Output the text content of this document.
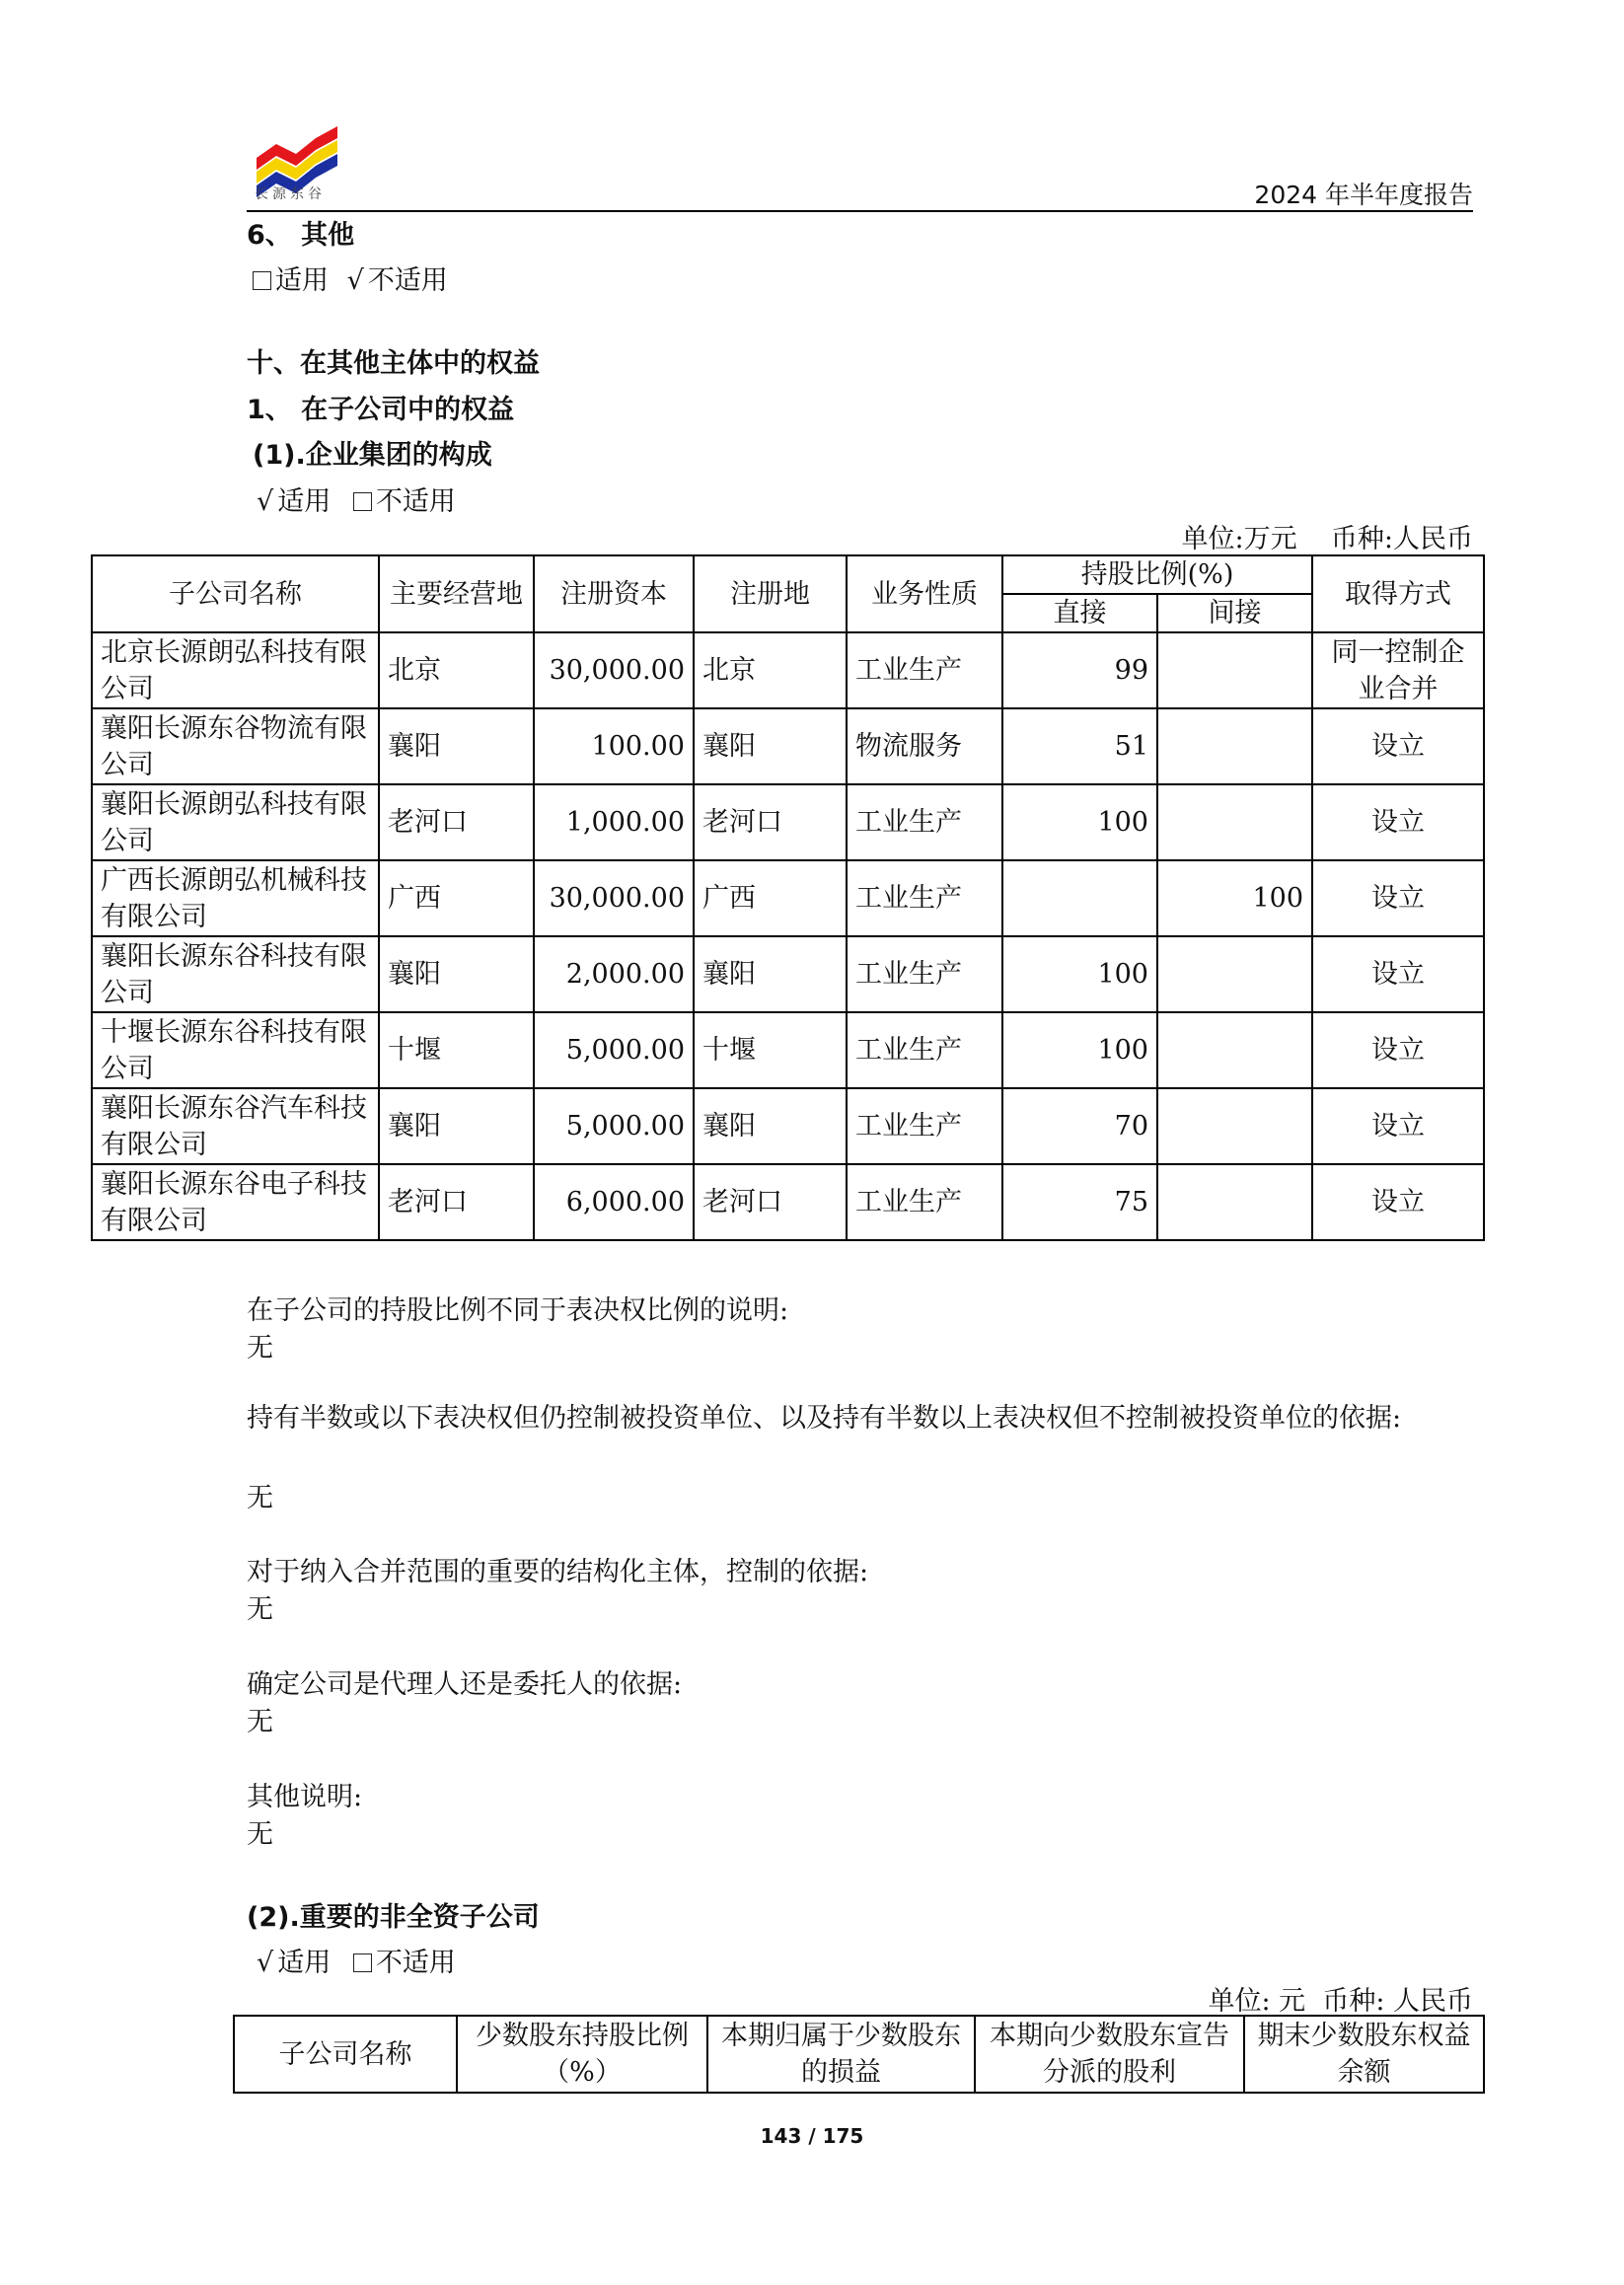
长源东谷	2024 年半年度报告
6、 其他
适用 √ 不适用
十、在其他主体中的权益
1、 在子公司中的权益
(1).企业集团的构成
√ 适用 不适用
单位:万元    币种:人民币
子公司名称	主要经营地	注册资本	注册地	业务性质	持股比例(%)		取得方式
					直接	间接	
北京长源朗弘科技有限公司	北京	30,000.00	北京	工业生产	99		同一控制企业合并
襄阳长源东谷物流有限公司	襄阳	100.00	襄阳	物流服务	51		设立
襄阳长源朗弘科技有限公司	老河口	1,000.00	老河口	工业生产	100		设立
广西长源朗弘机械科技有限公司	广西	30,000.00	广西	工业生产		100	设立
襄阳长源东谷科技有限公司	襄阳	2,000.00	襄阳	工业生产	100		设立
十堰长源东谷科技有限公司	十堰	5,000.00	十堰	工业生产	100		设立
襄阳长源东谷汽车科技有限公司	襄阳	5,000.00	襄阳	工业生产	70		设立
襄阳长源东谷电子科技有限公司	老河口	6,000.00	老河口	工业生产	75		设立
在子公司的持股比例不同于表决权比例的说明:
无
持有半数或以下表决权但仍控制被投资单位、以及持有半数以上表决权但不控制被投资单位的依据:
无
对于纳入合并范围的重要的结构化主体，控制的依据:
无
确定公司是代理人还是委托人的依据:
无
其他说明:
无
(2).重要的非全资子公司
√ 适用 不适用
单位: 元  币种: 人民币
子公司名称	少数股东持股比例（%）	本期归属于少数股东的损益	本期向少数股东宣告分派的股利	期末少数股东权益余额
143 / 175
